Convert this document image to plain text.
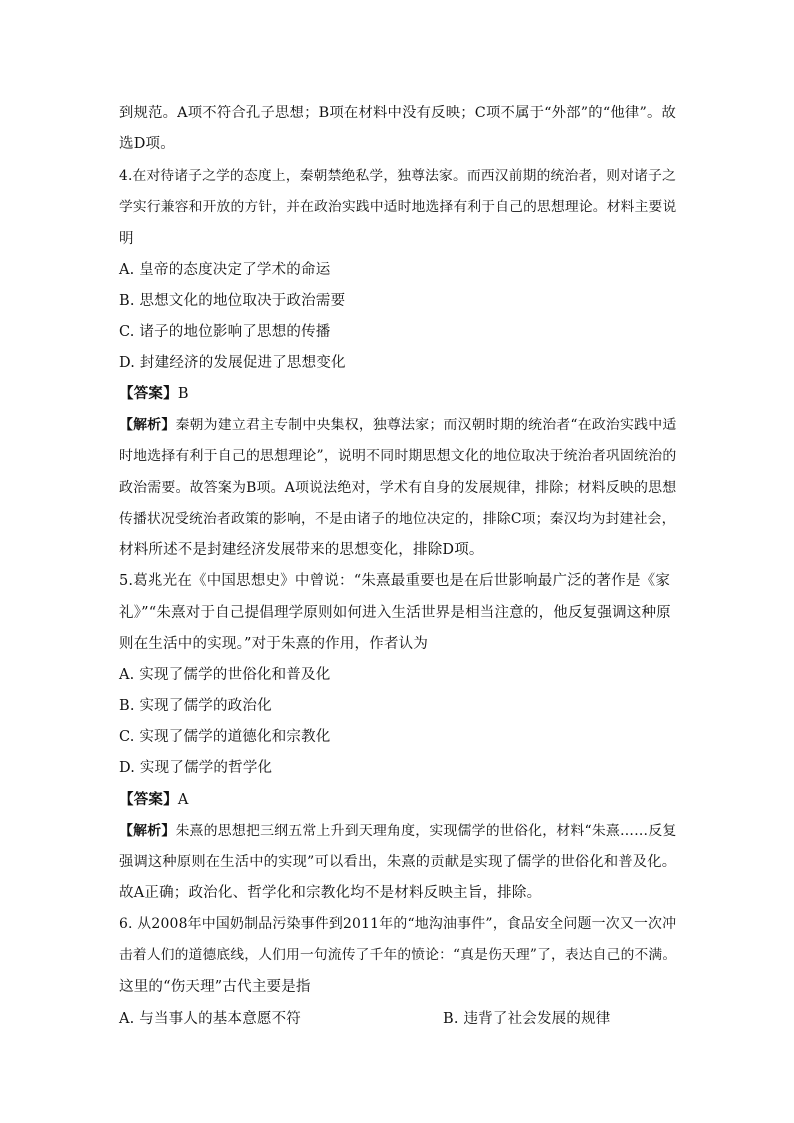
到规范。A项不符合孔子思想；B项在材料中没有反映；C项不属于“外部”的“他律”。故
选D项。
4.在对待诸子之学的态度上，秦朝禁绝私学，独尊法家。而西汉前期的统治者，则对诸子之
学实行兼容和开放的方针，并在政治实践中适时地选择有利于自己的思想理论。材料主要说
明
A. 皇帝的态度决定了学术的命运
B. 思想文化的地位取决于政治需要
C. 诸子的地位影响了思想的传播
D. 封建经济的发展促进了思想变化
【答案】B
【解析】秦朝为建立君主专制中央集权，独尊法家；而汉朝时期的统治者“在政治实践中适
时地选择有利于自己的思想理论”，说明不同时期思想文化的地位取决于统治者巩固统治的
政治需要。故答案为B项。A项说法绝对，学术有自身的发展规律，排除；材料反映的思想
传播状况受统治者政策的影响，不是由诸子的地位决定的，排除C项；秦汉均为封建社会，
材料所述不是封建经济发展带来的思想变化，排除D项。
5.葛兆光在《中国思想史》中曾说：“朱熹最重要也是在后世影响最广泛的著作是《家
礼》”“朱熹对于自己提倡理学原则如何进入生活世界是相当注意的，他反复强调这种原
则在生活中的实现。”对于朱熹的作用，作者认为
A. 实现了儒学的世俗化和普及化
B. 实现了儒学的政治化
C. 实现了儒学的道德化和宗教化
D. 实现了儒学的哲学化
【答案】A
【解析】朱熹的思想把三纲五常上升到天理角度，实现儒学的世俗化，材料“朱熹……反复
强调这种原则在生活中的实现”可以看出，朱熹的贡献是实现了儒学的世俗化和普及化。
故A正确；政治化、哲学化和宗教化均不是材料反映主旨，排除。
6. 从2008年中国奶制品污染事件到2011年的“地沟油事件”，食品安全问题一次又一次冲
击着人们的道德底线，人们用一句流传了千年的愤论：“真是伤天理”了，表达自己的不满。
这里的“伤天理”古代主要是指
A. 与当事人的基本意愿不符	B. 违背了社会发展的规律
